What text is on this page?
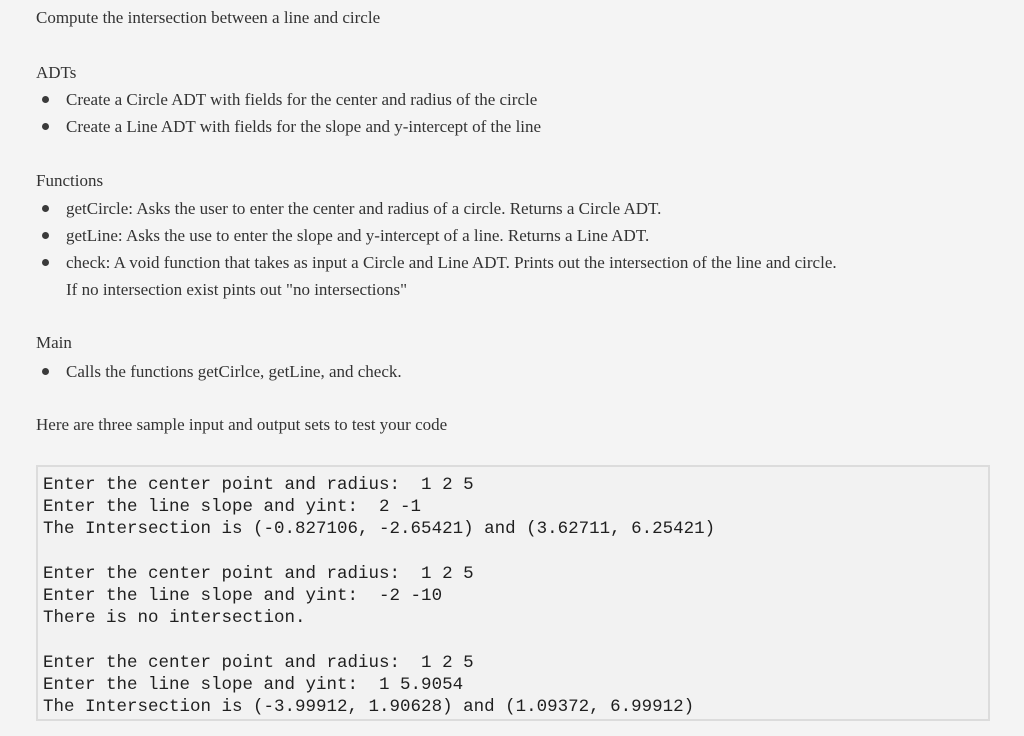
Compute the intersection between a line and circle
ADTs
Create a Circle ADT with fields for the center and radius of the circle
Create a Line ADT with fields for the slope and y-intercept of the line
Functions
getCircle: Asks the user to enter the center and radius of a circle. Returns a Circle ADT.
getLine: Asks the use to enter the slope and y-intercept of a line. Returns a Line ADT.
check: A void function that takes as input a Circle and Line ADT. Prints out the intersection of the line and circle.
If no intersection exist pints out "no intersections"
Main
Calls the functions getCirlce, getLine, and check.
Here are three sample input and output sets to test your code
Enter the center point and radius:  1 2 5
Enter the line slope and yint:  2 -1
The Intersection is (-0.827106, -2.65421) and (3.62711, 6.25421)
Enter the center point and radius:  1 2 5
Enter the line slope and yint:  -2 -10
There is no intersection.
Enter the center point and radius:  1 2 5
Enter the line slope and yint:  1 5.9054
The Intersection is (-3.99912, 1.90628) and (1.09372, 6.99912)
